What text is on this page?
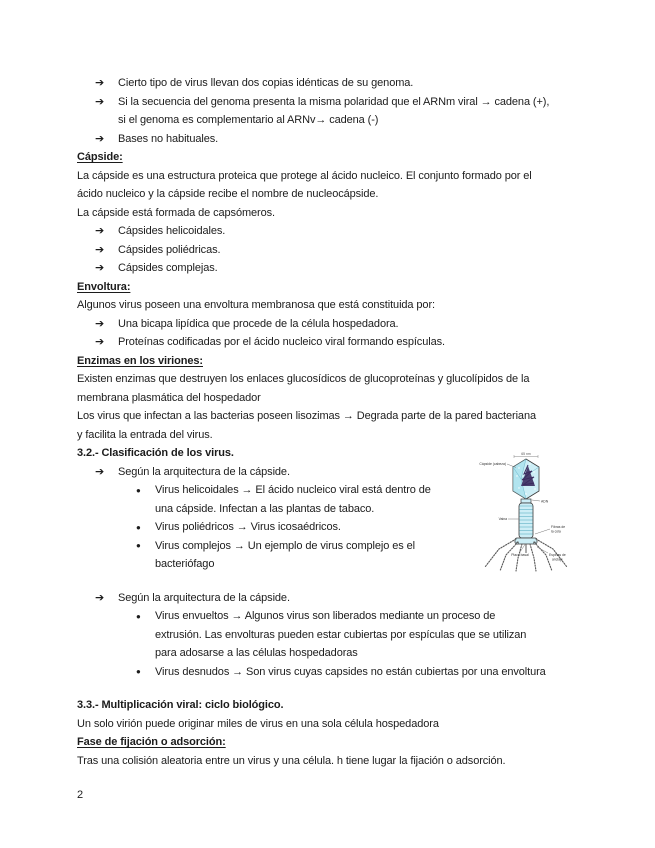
➔ Cierto tipo de virus llevan dos copias idénticas de su genoma.
➔ Si la secuencia del genoma presenta la misma polaridad que el ARNm viral → cadena (+),
si el genoma es complementario al ARNv→ cadena (-)
➔ Bases no habituales.
Cápside:
La cápside es una estructura proteica que protege al ácido nucleico. El conjunto formado por el
ácido nucleico y la cápside recibe el nombre de nucleocápside.
La cápside está formada de capsómeros.
➔ Cápsides helicoidales.
➔ Cápsides poliédricas.
➔ Cápsides complejas.
Envoltura:
Algunos virus poseen una envoltura membranosa que está constituida por:
➔ Una bicapa lipídica que procede de la célula hospedadora.
➔ Proteínas codificadas por el ácido nucleico viral formando espículas.
Enzimas en los viriones:
Existen enzimas que destruyen los enlaces glucosídicos de glucoproteínas y glucolípidos de la
membrana plasmática del hospedador
Los virus que infectan a las bacterias poseen lisozimas → Degrada parte de la pared bacteriana
y facilita la entrada del virus.
3.2.- Clasificación de los virus.
➔ Según la arquitectura de la cápside.
● Virus helicoidales → El ácido nucleico viral está dentro de
una cápside. Infectan a las plantas de tabaco.
● Virus poliédricos → Virus icosaédricos.
● Virus complejos → Un ejemplo de virus complejo es el
bacteriófago
➔ Según la arquitectura de la cápside.
● Virus envueltos → Algunos virus son liberados mediante un proceso de
extrusión. Las envolturas pueden estar cubiertas por espículas que se utilizan
para adosarse a las células hospedadoras
● Virus desnudos → Son virus cuyas capsides no están cubiertas por una envoltura
3.3.- Multiplicación viral: ciclo biológico.
Un solo virión puede originar miles de virus en una sola célula hospedadora
Fase de fijación o adsorción:
Tras una colisión aleatoria entre un virus y una célula. h tiene lugar la fijación o adsorción.
65 nm
Cápside (cabeza)
ADN
Vaina
Fibras de
la cola
Placa basal	Espinas de
anclaje
2
